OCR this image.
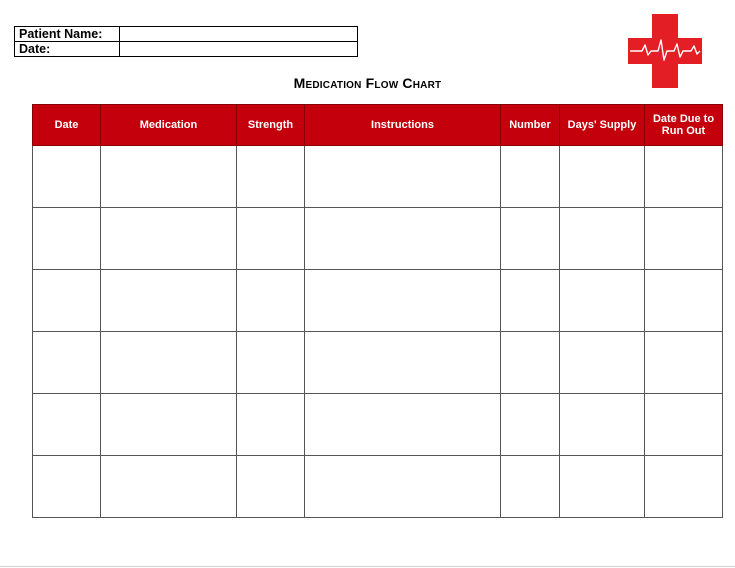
Patient Name:	
Date:	
Medication Flow Chart
Date	Medication	Strength	Instructions	Number	Days' Supply	Date Due to Run Out
